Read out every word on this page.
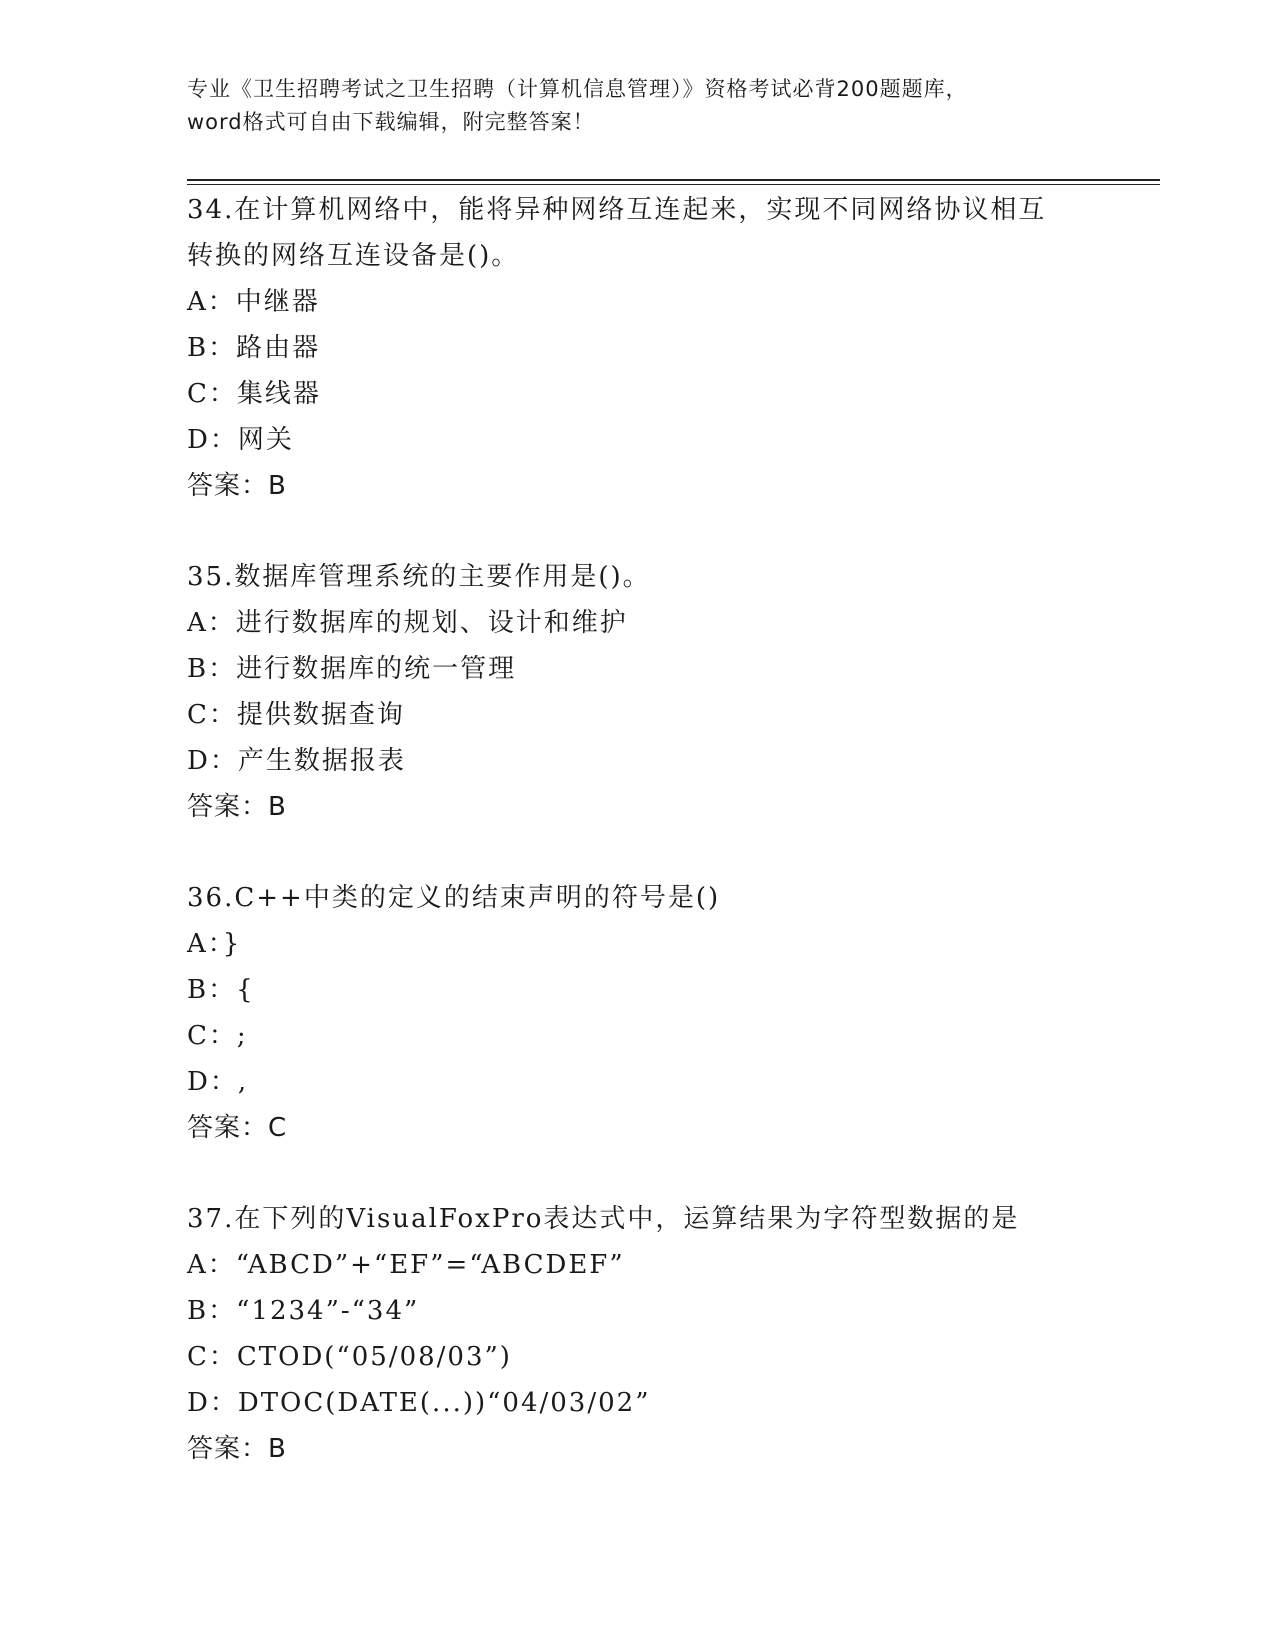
专业《卫生招聘考试之卫生招聘（计算机信息管理）》资格考试必背200题题库，
word格式可自由下载编辑，附完整答案！

34.在计算机网络中，能将异种网络互连起来，实现不同网络协议相互

转换的网络互连设备是()。

A：中继器

B：路由器

C：集线器

D：网关

答案：B

35.数据库管理系统的主要作用是()。

A：进行数据库的规划、设计和维护

B：进行数据库的统一管理

C：提供数据查询

D：产生数据报表

答案：B

36.C++中类的定义的结束声明的符号是()

A：}

B：{

C：;

D：,

答案：C

37.在下列的VisualFoxPro表达式中，运算结果为字符型数据的是

A：“ABCD”+“EF”=“ABCDEF”

B：“1234”-“34”

C：CTOD(“05/08/03”)

D：DTOC(DATE(...))“04/03/02”

答案：B
